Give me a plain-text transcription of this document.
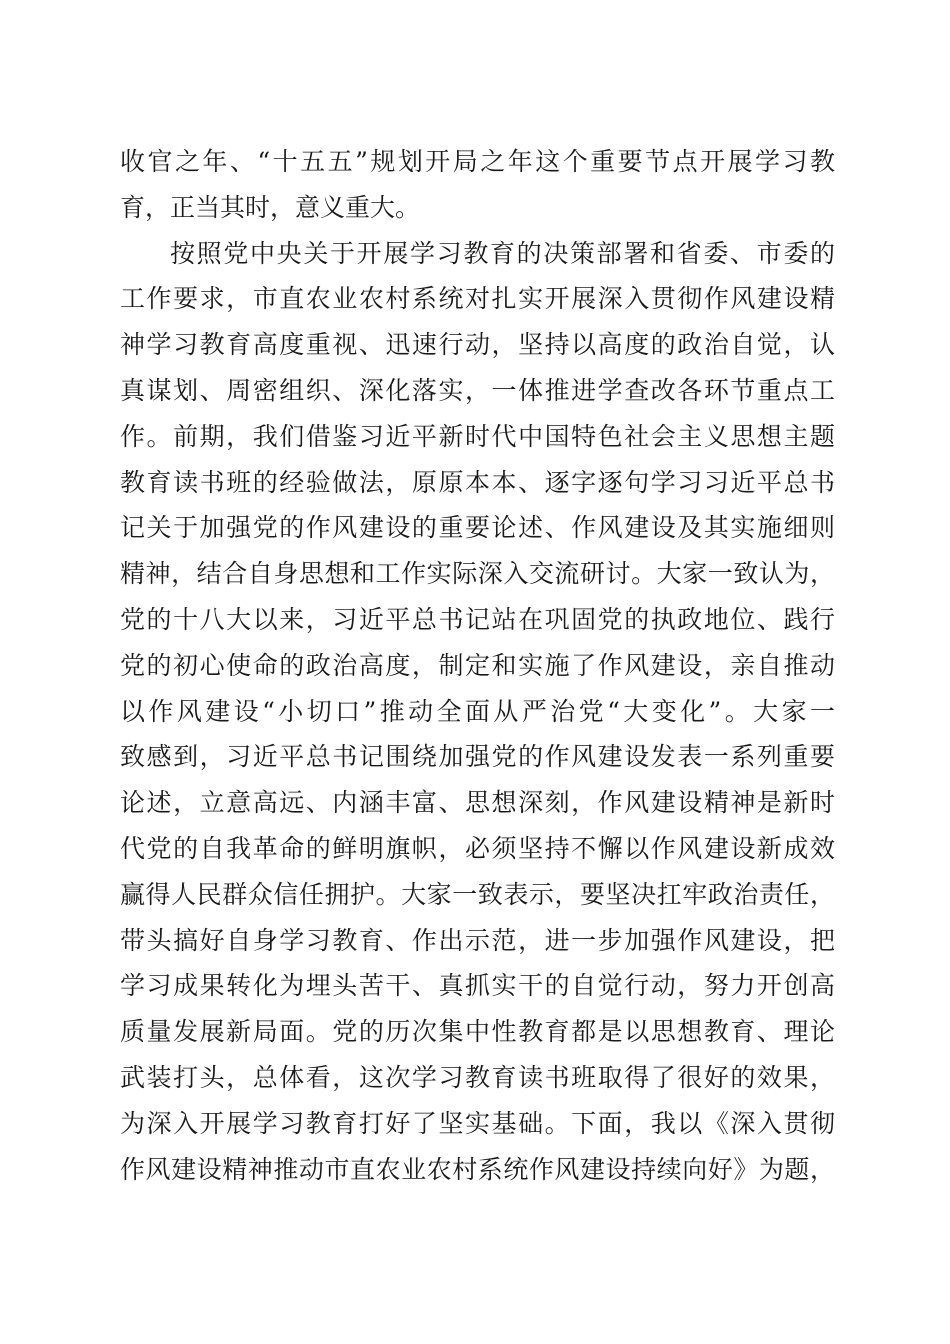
收官之年、“十五五”规划开局之年这个重要节点开展学习教
育，正当其时，意义重大。
按照党中央关于开展学习教育的决策部署和省委、市委的
工作要求，市直农业农村系统对扎实开展深入贯彻作风建设精
神学习教育高度重视、迅速行动，坚持以高度的政治自觉，认
真谋划、周密组织、深化落实，一体推进学查改各环节重点工
作。前期，我们借鉴习近平新时代中国特色社会主义思想主题
教育读书班的经验做法，原原本本、逐字逐句学习习近平总书
记关于加强党的作风建设的重要论述、作风建设及其实施细则
精神，结合自身思想和工作实际深入交流研讨。大家一致认为，
党的十八大以来，习近平总书记站在巩固党的执政地位、践行
党的初心使命的政治高度，制定和实施了作风建设，亲自推动
以作风建设“小切口”推动全面从严治党“大变化”。大家一
致感到，习近平总书记围绕加强党的作风建设发表一系列重要
论述，立意高远、内涵丰富、思想深刻，作风建设精神是新时
代党的自我革命的鲜明旗帜，必须坚持不懈以作风建设新成效
赢得人民群众信任拥护。大家一致表示，要坚决扛牢政治责任，
带头搞好自身学习教育、作出示范，进一步加强作风建设，把
学习成果转化为埋头苦干、真抓实干的自觉行动，努力开创高
质量发展新局面。党的历次集中性教育都是以思想教育、理论
武装打头，总体看，这次学习教育读书班取得了很好的效果，
为深入开展学习教育打好了坚实基础。下面，我以《深入贯彻
作风建设精神推动市直农业农村系统作风建设持续向好》为题，
